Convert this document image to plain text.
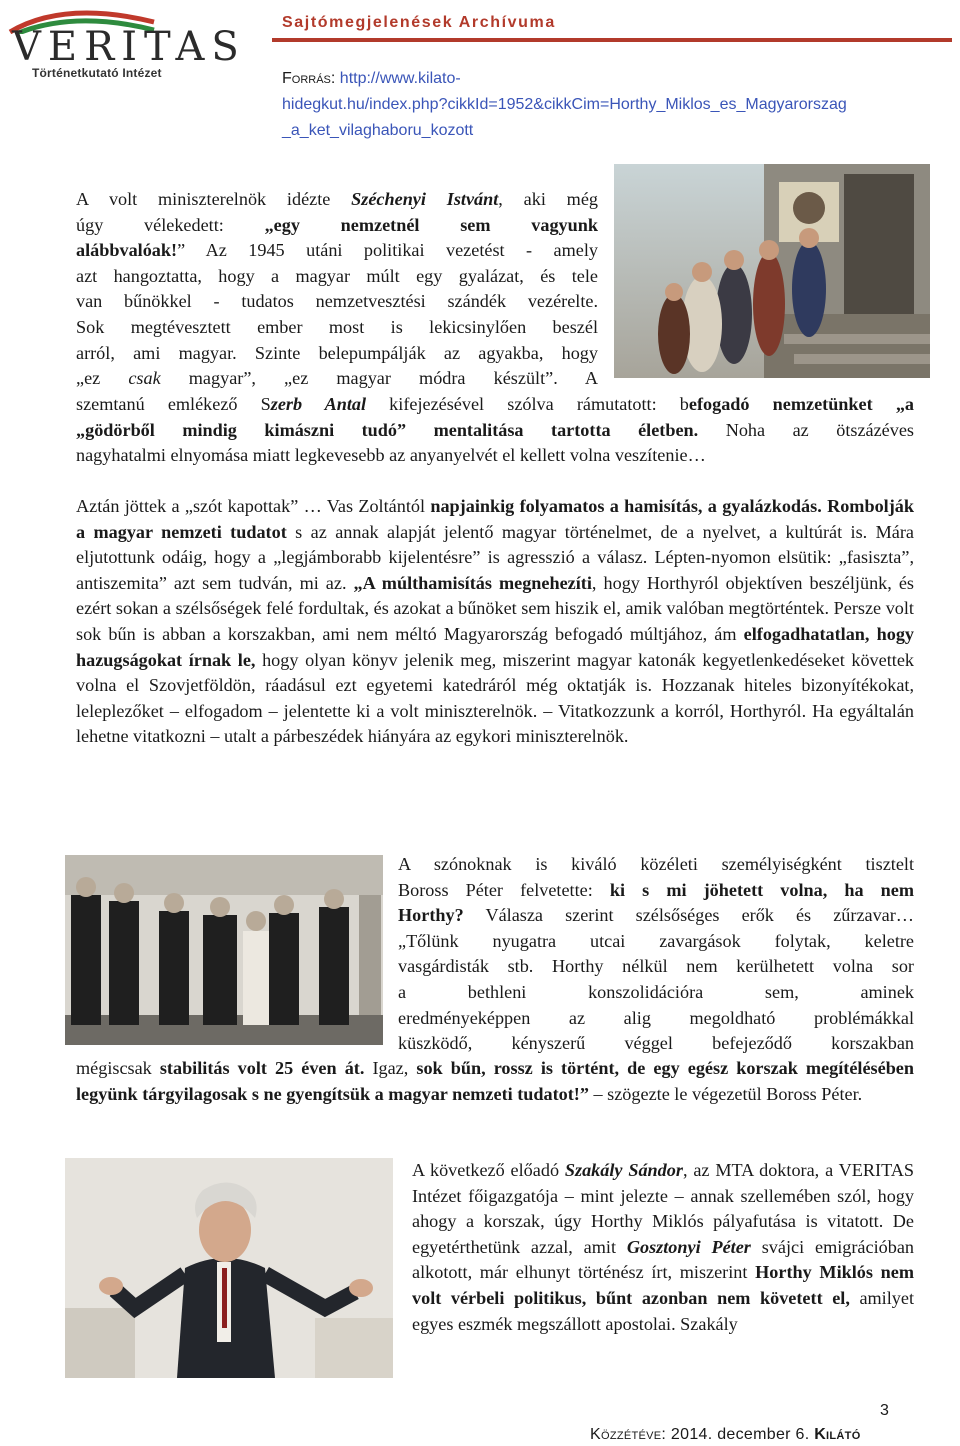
VERITAS
Történetkutató Intézet
Sajtómegjelenések Archívuma
Forrás: http://www.kilato-
hidegkut.hu/index.php?cikkId=1952&cikkCim=Horthy_Miklos_es_Magyarorszag
_a_ket_vilaghaboru_kozott

A volt miniszterelnök idézte Széchenyi Istvánt, aki még

úgy vélekedett: „egy nemzetnél sem vagyunk

alábbvalóak!” Az 1945 utáni politikai vezetést - amely

azt hangoztatta, hogy a magyar múlt egy gyalázat, és tele

van bűnökkel - tudatos nemzetvesztési szándék vezérelte.

Sok megtévesztett ember most is lekicsinylően beszél

arról, ami magyar. Szinte belepumpálják az agyakba, hogy

„ez csak magyar”, „ez magyar módra készült”. A

szemtanú emlékező Szerb Antal kifejezésével szólva rámutatott: befogadó nemzetünket „a

„gödörből mindig kimászni tudó” mentalitása tartotta életben. Noha az ötszázéves

nagyhatalmi elnyomása miatt legkevesebb az anyanyelvét el kellett volna veszítenie…

Aztán jöttek a „szót kapottak” … Vas Zoltántól napjainkig folyamatos a hamisítás, a gyalázkodás. Rombolják a magyar nemzeti tudatot s az annak alapját jelentő magyar történelmet, de a nyelvet, a kultúrát is. Mára eljutottunk odáig, hogy a „legjámborabb kijelentésre” is agresszió a válasz. Lépten-nyomon elsütik: „fasiszta”, antiszemita” azt sem tudván, mi az. „A múlthamisítás megnehezíti, hogy Horthyról objektíven beszéljünk, és ezért sokan a szélsőségek felé fordultak, és azokat a bűnöket sem hiszik el, amik valóban megtörténtek. Persze volt sok bűn is abban a korszakban, ami nem méltó Magyarország befogadó múltjához, ám elfogadhatatlan, hogy hazugságokat írnak le, hogy olyan könyv jelenik meg, miszerint magyar katonák kegyetlenkedéseket követtek volna el Szovjetföldön, ráadásul ezt egyetemi katedráról még oktatják is. Hozzanak hiteles bizonyítékokat, leleplezőket – elfogadom – jelentette ki a volt miniszterelnök. – Vitatkozzunk a korról, Horthyról. Ha egyáltalán lehetne vitatkozni – utalt a párbeszédek hiányára az egykori miniszterelnök.

A szónoknak is kiváló közéleti személyiségként tisztelt

Boross Péter felvetette: ki s mi jöhetett volna, ha nem

Horthy? Válasza szerint szélsőséges erők és zűrzavar…

„Tőlünk nyugatra utcai zavargások folytak, keletre

vasgárdisták stb. Horthy nélkül nem kerülhetett volna sor

a bethleni konszolidációra sem, aminek

eredményeképpen az alig megoldható problémákkal

küszködő, kényszerű véggel befejeződő korszakban

mégiscsak stabilitás volt 25 éven át. Igaz, sok bűn, rossz is történt, de egy egész korszak megítélésében legyünk tárgyilagosak s ne gyengítsük a magyar nemzeti tudatot!” – szögezte le végezetül Boross Péter.

A következő előadó Szakály Sándor, az MTA doktora, a VERITAS Intézet főigazgatója – mint jelezte – annak szellemében szól, hogy ahogy a korszak, úgy Horthy Miklós pályafutása is vitatott. De egyetérthetünk azzal, amit Gosztonyi Péter svájci emigrációban alkotott, már elhunyt történész írt, miszerint Horthy Miklós nem volt vérbeli politikus, bűnt azonban nem követett el, amilyet egyes eszmék megszállott apostolai. Szakály

3
Közzétéve: 2014. december 6. Kilátó
